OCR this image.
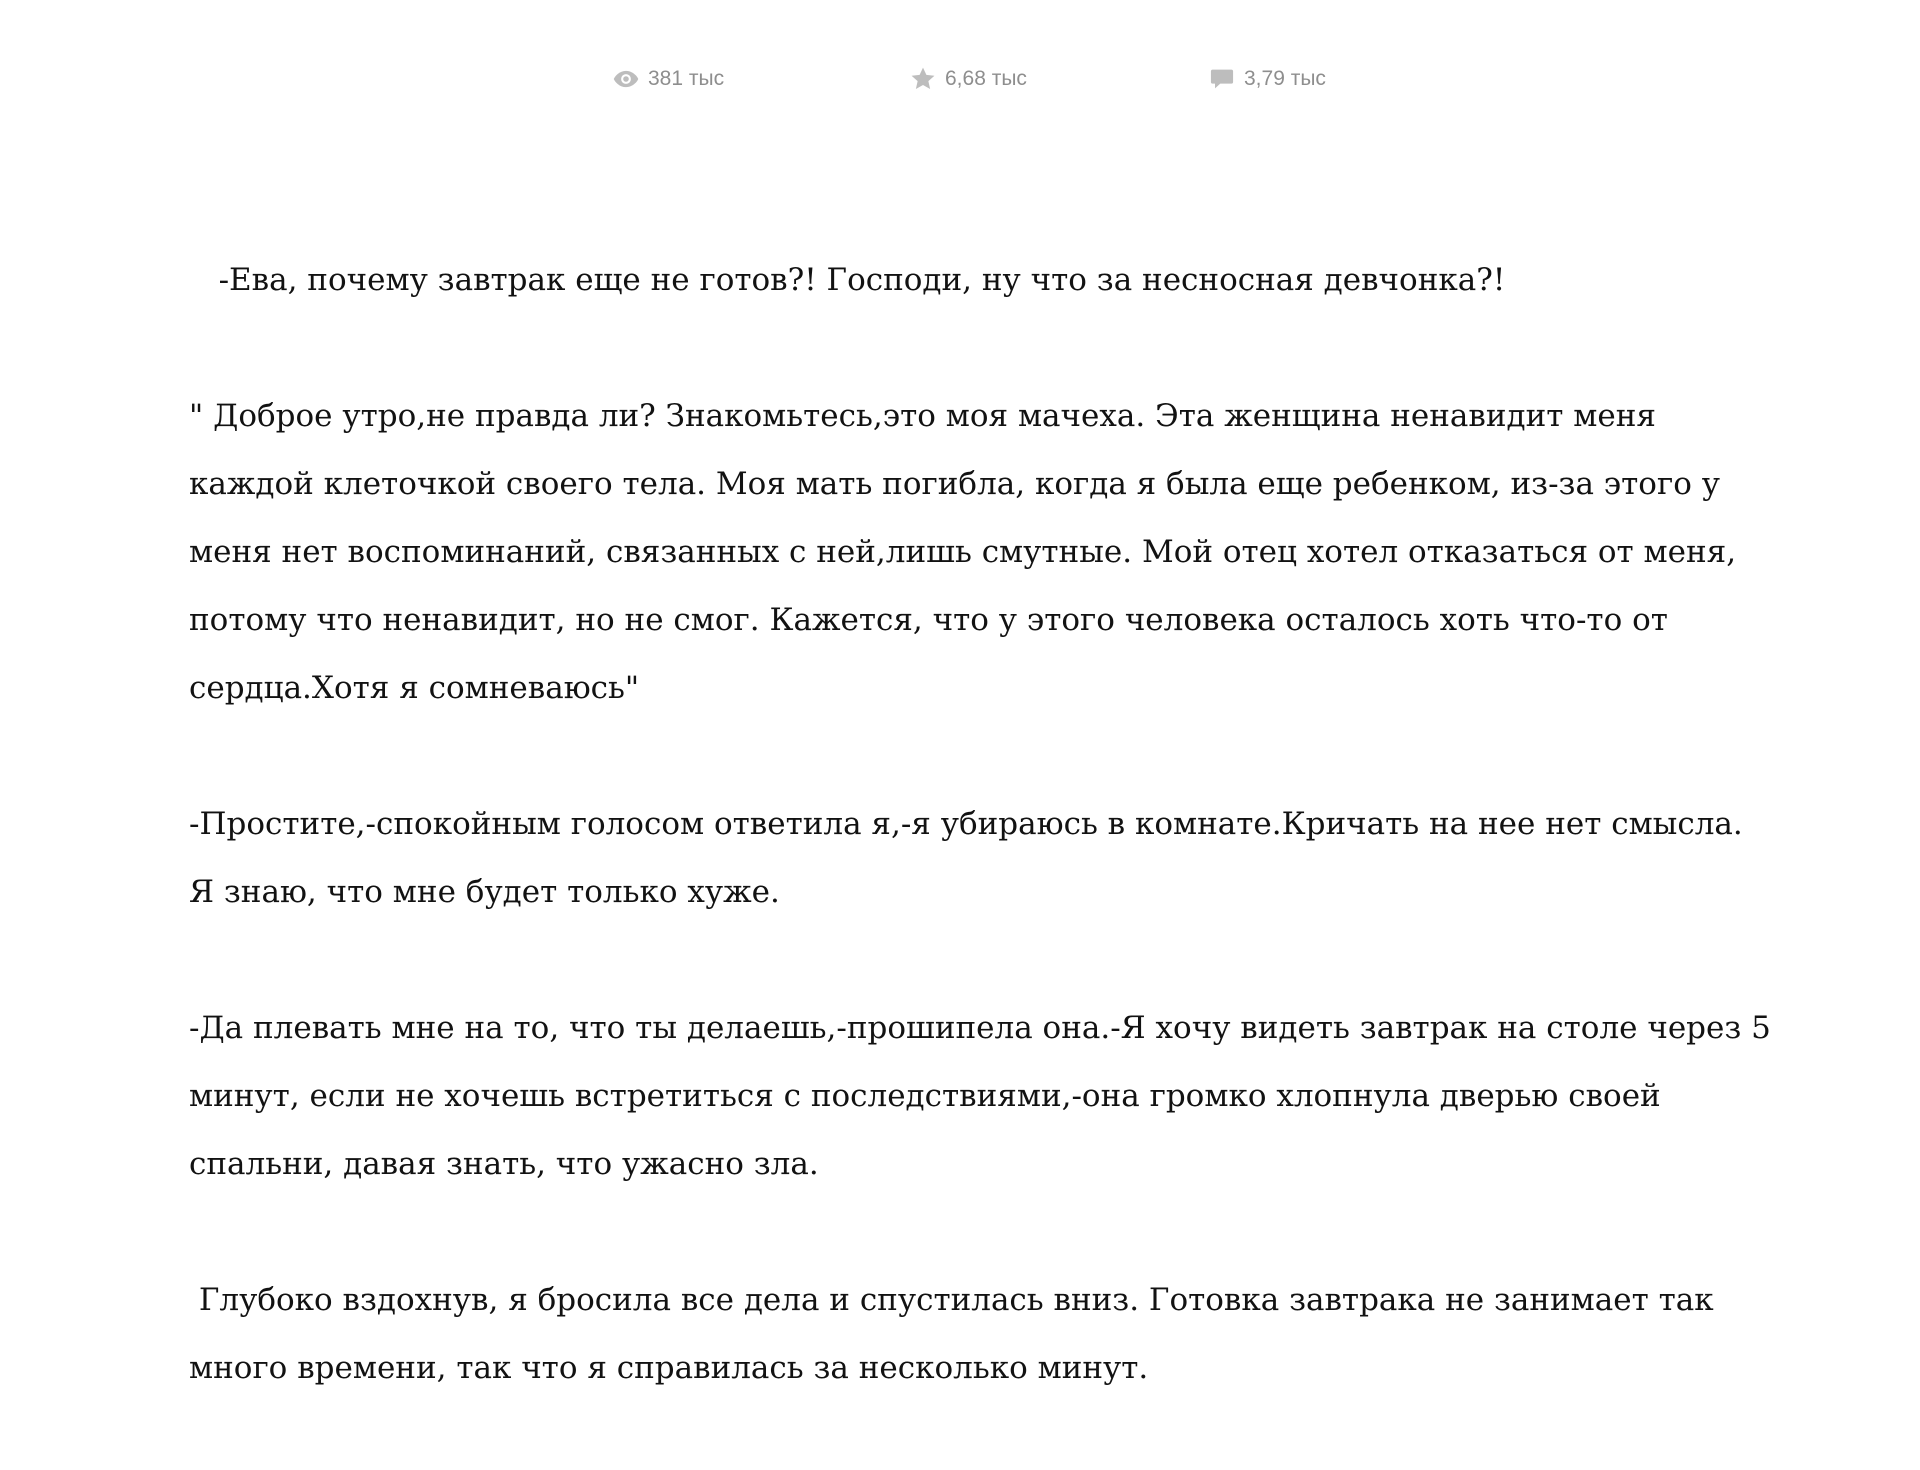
381 тыс	6,68 тыс	3,79 тыс

-Ева, почему завтрак еще не готов?! Господи, ну что за несносная девчонка?!

" Доброе утро,не правда ли? Знакомьтесь,это моя мачеха. Эта женщина ненавидит меня каждой клеточкой своего тела. Моя мать погибла, когда я была еще ребенком, из-за этого у меня нет воспоминаний, связанных с ней,лишь смутные. Мой отец хотел отказаться от меня, потому что ненавидит, но не смог. Кажется, что у этого человека осталось хоть что-то от сердца.Хотя я сомневаюсь"

-Простите,-спокойным голосом ответила я,-я убираюсь в комнате.Кричать на нее нет смысла. Я знаю, что мне будет только хуже.

-Да плевать мне на то, что ты делаешь,-прошипела она.-Я хочу видеть завтрак на столе через 5 минут, если не хочешь встретиться с последствиями,-она громко хлопнула дверью своей спальни, давая знать, что ужасно зла.

Глубоко вздохнув, я бросила все дела и спустилась вниз. Готовка завтрака не занимает так много времени, так что я справилась за несколько минут.
